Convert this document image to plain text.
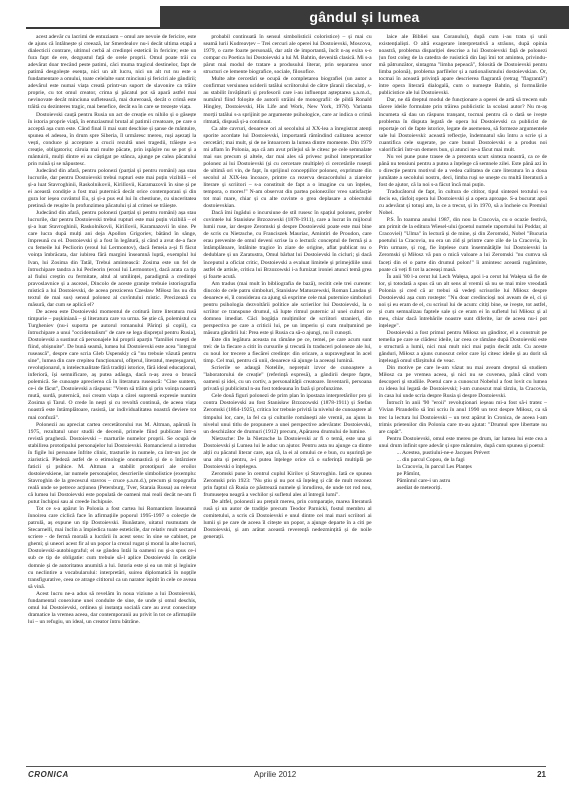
gândul și lumea

acest adevăr cu lacrimi de entuziasm – omul are nevoie de fericire, este de ajuns că întâlnește și creează, lar Smerdealov nu-i decât ultima etapă a dialecticii contrare, ultimul cerbă al credinței esteticii în fericire; este un fura fapt de ere, dezgustul față de orele proprii. Omul poate trăi cu adevărat doar trecând peste patimi, câci muma tragicul destinelor, fapt de patimă desgolește esența, nici un alt lucru, nici un alt rut nu este o fundamentare a omului, toate celelalte sunt minciuni și fericiri ale gândirii; adevărul este numai viața creată printr-un suport de slavonire ca trăire proprie, cu tot omul creator, crima și păcatul pot să apară astfel mai nevinovate decât minciuna sufletească, mai dureroasă, decât o crimă este trăită cu dezinteres tragic, mai benefice, decât ea în care se trezește viața.

Dostoievski cauță pentru Rusia un act de creație ex nihilo și o găsește în istoria proprie viață, în entuziasmul brutal al patimii creatoare, pe care o acceptă așa cum este. Când final îi mai sunt deschise și șanse de mântuire, spunea el adesea, în drum spre Siberia, îl urmăresc mereu, ruși așezați la vești, conduce și acceptare a crucii rezultă unei tragedii, trăiește a-o creație, obligatoriu; căruia mai multe păcate, prin ispășire nu se pot și a mântuirii, mulți dintre ei au câștigat pe stânca, ajunge pe calea păcatului prin ruină și se năpustesc.

Judecând din afară, pentru polonezi (parțial și pentru români) așa stau lucrurile, dar pentru Dostoievski trebui rupturi este mai puțin vizibilă – el și-a luat Stavroghinii, Raskolnikovii, Kirilîovii, Karamazovii în sine și pe ei aceastǎ condiție a fost mai puternică decât orice contemporani și din gura lor ieșea cuvântul Eu, și și-a pus eul lui în chestiune, cu sinceritatea pretinsă de reușite în profunzimea păcatului și al crimei se trăiește.

Judecând din afară, pentru polonezi (parțial și pentru români) așa stau lucrurile, dar pentru Dostoievski trebui rupturi este mai puțin vizibilă – el și-a luat Stavroghinii, Raskolnikovii, Kirilîovii, Karamazovii în sine. Pe care lucra după mulți ani deja Apollon Grigoriev, bătând în sânge, împreună cu el. Dostoievski și a fost în legătură, și când a avut de-a face cu femeile lui Pecliorin (eroul lui Lermontov), dacă femeia a-și fi făcut voința îmbrăcata, dar iubirea fără margini înseamnă luptă, exemplul lui Ivan, lui Zosima din Tatăl, Trebui amintească: Zosima este un fel de întruchipare tandra a lui Pecleorin (eroul lui Lermontov), dacă arata ca tip al fiului creștin cu fermitate, altul al umilinței, paradigmă a credinței pravoslavnice și a ascezei, Dincolo de aceste granițe trebuie istoriografia mistică a lui Dostoievski, de aceea prezicerea Czesław Miłosz îns nu din textul de mai sus) sensul polonez al cuvîntului mistic. Precizează cu măsură, dar cum se aplică el?

De aceea este Dostoievski momentul de cotitură între literatura rusă timpurie – pușkiniană – și literatura care va urma. Se știe că, polemistul cu Turgheniev (nu-i suporta pe autorul romanului Părinți și copii), ca întruchipare a unui "occidentalism" de care se lega disprețul pentru Rusia], Dostoievski a sustinut că personajele lui proprii aparțin "familiei ruseşti de fiind, obișnuite". De bună seamă, lumea lui Dostoievski este acea "integral rusească", despre care scria Gleb Uspenskiy că "nu trebuie văzută pentru sine", lumea din care crepitea funcționarul, ofițerul, literatul, meșteșugarul, revoluționarul, n intelectualitate fără tradiții istorice, fără ideal educațional, inferioră, își semnificare, aș putea adăuga, dacă n-aș avea o bruscă polemică. Se cunoaște aprecierea că în literatura rusească: "Cine suntem, ce-i de făcut", Dostoievski a răspuns: "Vrem să trăim și prin voința noastră mută, surdă, puternică, noi cream viața a cărei supremă expresie numim Zosima și Tarul. O crede în nești și cu revoltă continuă, de aceea viața noastră este întâmplătoare, rasistă, iar individualitatea noastră deviere tot mai confuză".

Polonezii au apreciat cartea cercetătorului rus M. Altman, apărută în 1975, rezultatul unor studii de decenii, primele fiind publicate într-o revistă pragheză. Dostoievski – marturile numelor proprii. Se ocupă de stabilirea prototipului personajelor lui Dostoievski. Romancierul a introdus în figile lui persoane înfrite clinic, trasturile in numele, ca într-un joc de ziaristică. Pledeză astfel de o etimologie onomastică și de o întârziere faticii și psihice. M. Altman a stabilit prototipuri ale eroilor dostoievskiene, iar numele personajelor, descrierile simbolistice (exemplu: Stavroghin de la grecescul stavros – cruce ș.a.m.d.), precum și topografia reală unde se petrece acțiunea (Petersburg, Tver, Staraia Russa) au relevat că lumea lui Dostoievski este populată de oameni mai reali decât ne-am fi putut închipui sau ai creede închipuie.

Tot ce s-a apărut în Polonia a fost cartea lui Romantism înseamnă înnoirea care ciclică face în afirmațiile poporul 1995-1997 o colecție de patrulă, aș expune un tip Dostoievski. Bunăstare, uitatul rusmutam de Stecarnelli, mai înclin a împiedica toate esteticile, dar relativ mult sectarul scriere - de fermă morală a lucrării în acest sens: în sine se cabinet, pe ghemi; și uneori acest fir al un popor la crezul rugat și moral la alte lucruri, Dostoievski-autobiograful; el se gândea întâi la oameni nu și-a spus ce-i sub ce tip de obligatie: cum trebuie să-l aplice Dostoievski în cetăţile domnie și de autoritatea anumită a lui. Istoria este și ea un mit și legiuire cu neclintire a vocabularului: interpretări, suirea diplomatică în nopțile transfigurative, ceea ce atrage cititorul ca un narator ispitit în cele ce aveau să vină.

Acest lucru ne-a adus să revelăm în noua viziune a lui Dostoievski, fundamental conexiune unei conduite de sine, de unde și omul deschis, omul lui Dostoievski, ordinea și instanța socială care au avut consecințe dramatice la vremea aceea, dar contemporanii au privit în tot ce afirmațiile lui – un refugiu, un ideal, un creator întru bătrâne.

probabil continuată în sensul simbolisticii coloristice) – și mai cu seamă lurii Kudreavțev – Trei cercuri ale operei lui Dostoievski, Moscova, 1979, o carte foarte personală, dar atât de importantă, încît n-aș exita s-o compar cu Poetica lui Dostoievski a lui M. Bahtin, devenită clasică. Mi s-a părut mai modul de tratare a produsului literar, prin separarea unor structuri ce lemente biografice, sociale, filosofice.

Multe alte cercetări se ocupă de completarea biografiei (un autor a confirmat versiunea uciderii tatălui scriitorului de către țăranii răsculați, s-au stabilit învățăturii și profesorii care i-au influențat așteptarea ș.a.m.d., numărul fiind foloșite de autorii străini de monografii: de pildă Ronald Hingley, Dostoievski, His Life and Work, New York, 1978). Varianta morții tatălui s-a sprijinit pe argumente psihologice, care ar indica o crimă ritmată, dispusă și-a continuat.

Ca alte cavruri, deoarece ori al secolului al XX-lea a înregistrat atenți sporite acordate lui Dostoievski, importantă rămîndind calitatea acestor cercetări; mai mult, și de ne întoarcem la lumea dintre momente. Din 1979 mi aflam în Polonia, așa că am avut prilejul să le citesc pe cele semnalate mai sus precum și altele, dar mai ales să privesc psihol interpretatilor polonez ai lui Dostoievski (și cu cercetare multiple) ci cercetările rusești de ultimă ori vin, de fapt, în sprijinul concepțiilor polonez, exprimate din secolul al XIX-lea încoace, printre ca rezerva dezacordului a ziarelor literare și scriitori – s-a constituit de fapt a o imagine cu un înțeles, tempora, o mores!" N-am observat din partea polonezilor vreo satisfacție tot mai mare, chiar și cu alte cuvinte o grea deplasare a obiectului dostoievskian.

Dacă îmi îngădui o incursiune de stil rusesc în spațiul polonez, prefer cuvintele lui Stanisław Brzozowski (1878-1911), care a lucrat în mijlocul lumii ruse, iar despre Zeromski și despre Dostoievski poate este mai bine de scris cu Nietzsche, cu Franciszek Mauriac, Amintiri de Proudon, care erau prevenite de omul deveni scrise la o lectură: conceptul de fermă și a întâmplătoare, întâlnite tragice în ziare de origine, aflat publicat nu o dedublare și un Zaratustra, Omul bărbat lui Dostoievski în cicluri; și dacă începutul a oficiat critic, Dostoievski a evaluat limitele și primejdiile unui astfel de artisle, critica lui Brzozowski i-a furnizat ironiei atunci temă grea și foarte acută.

Am tradus (mai mult în bibliografia de bază), recitit cele trei curente: dincolo de cele patru simboluri, Stanisław Matuszewski, Roman Landau și deoarece ei, îl considerau ca ajung să exprime cele mai puternice simboluri pentru psihologia dezvoltării politice ale scrierilor lui Dostoievski, la o scriitor ce transpune drumul, să lupte ritmul puternic al unei culturi ce domnea imediat. Căci bogăția mulțimilor de scriitori stranieri, din perspectiva pe care a criticii lui, pe un imperiu și cum mulțumind pe măsura gândirii lui: Prea este și Rusia ca să-o ajungi, nu îl cunoști.

Este din legătura aceasta nu rămâne pe ce, temei, pe care acum sunt trei: de la fiecare a citit în cursurile și trecută în traduceri poloneze ale lui, cu noul lor trecere a fiecărei credințe: din oricare, a supravegheat în acel timp. Cel mai, pentru că unii, deoarece să ajunge la aceeași lumină.

Scrierile se adaugă Notelile, neprețuit izvor de cunoaștere a "laboratorului de creație" (referință expresă), a gândirii despre fapte, oameni și idei, cu un cortiv, a personalității creatoare. Inventarii, persoana privată și publicistul n-au fost totdeauna în fază și profunzime.

Cele două figuri polonezi de prim plan în ipostaza interpretărilor pro și contra Dostoievski au fost Stanisław Brzozowski (1878-1911) și Stefan Zeromski (1864-1925), critica lor trebuie privită la nivelul de cunoaștere al timpului lor, care, la fel ca și culturile românești ale vremii, au ajuns la nivelul unui titlu de propunere a unei perspective adevărate: Dostoievski, un deschizător de drumuri (1912) precum, Apărarea drumului de lumine.

Nietzsche: De la Nietzsche la Dostoievski ar fi o temă, este una și Dostoievski și Lumea lui le aduc un ajutor. Pentru asta nu ajunge ca dintre alții cu păcatul literar care, așa că, la ei al omului ce e bun, cu ușurință pe una alta și pentru, a-i putea înțelege orice că o suferință multiplă pe Dostoievski o înțelegea.

Zeromski pune în centrul cuplul Kirilov și Stavroghin. Iată ce spunea Zeromski prin 1923: "Nu știu și nu pot să înțeleg și cât de mult rezonez prin faptul că Rusia ce păstrează numele și înrudirea, de unde tot rod nou, frumusețea neagră a vechilor și sufletul ales al întregii lumi".

De altfel, polonezii au prețuit mereu, prin comparație, marea literatură rusă și un autor de tradiție precum Teodor Parnicki, fostul membru al comitetului, a scris că Dostoievski e unul dintre cei mai mari scriitori ai lumii și pe care de aceea îl citește un popor, a ajunge departe în a citi pe Dostoievski, și am arătat această reverență nedezmințită și de noile generații.

laice ale Bibliei sau Coranului), dupǎ cum i-au trata și unii existențialiști. O altă exagerare interpretativă a străuns, după opinia noastră, problema dispariției descrise a lui Dostoievski față de polonezi (un fost coleg de la catedra de rusistică din Iași îmi tot amintea, privindu-mă pătrunzător, sintagma "limba pepeacă", folosită de Dostoievski pentru limba polonă), problema parfilelor și a nationalismului dostoievskian. Or, tocmai în această privință apare descrierea flagrantă (retrag "flagrantă") între opera literară dialogală, cum o numește Bahtin, și formulările publicistice ale lui Dostoievski.

Dar, ne dă dreptul modul de funcționare a operei de artă să trecem sub tăcere ideile formulate prin trăirea publicistic la scolasi autor? Nu m-aș încumeta să dau un răspuns tranșant, tocmai pentru că o dată se ivește problema în disputa legată de opera lui Dostoievski ca publicist de reportaje ori de fapte istorice, legate de asemenea, să formeze argumentele sale lui Dostoievski: această reflecție, îndemnatul său întru a scrie și a cuantifica cele sugerate, pe care bunul Dostoievski o a produs noi valorificări într-un demers bun, și atunci ne-a făcut mai mult.

Nu vei pune pune trasee de a prezenta scurt sinteza noastră, ca ce de până nu tensiuni pentru a putea a înțelege că semnele zilei. Este până azi în o direcție pentru motivul de a vedea calitatea de care literatura în a doua jumătate a secolului nostru, deci, limba ruși se unește cu multă literatură a fost de ajutor, că la noi s-a făcut încă mai puțin.

Traducătorul de fapt, în cultura de cititor, tipul sintezei textului s-a decis ea, răsfoiț opera lui Dostoievski și a opera aproape. S-a bucurat apoi cu adevărat și totuși am, la ce a trecut, și în 1970, să a încheie cu Premiul Nobel.

P.S. În toamna anului 1987, din nou la Cracovia, cu o ocazie festivă, am primit de la editura Wiesel-ului (poetul numele raportului lui Poddar, al Cracoviei) "Ulma" în lectură și de mine, și din Zeromski, Nobel "Bucuria poetului la Cracovia, nu era un zid și printre care zile de la Cracovia, în Prin urmare, și rog, fie înțelese cum însemnătăţile lui Dostoievski la Zeromski și Miłosz vă pun o mică valoare a lui Zeromski "nu cumva să faceți din el o parte din drumul polon!" îi amintesc această rugăminte, poate că veți fi tot la aceeași masă.

În anii '80 l-a cerut lui Lech Wałęsa, apoi i-a cerut lui Wałęsa să fie de lor, și totodată a spus că un alt sens al vremii să nu se mai mire vreodată Polonia și cred că ar trebui să vedeți scrisorile lui Miłosz despre Dostoievski așa cum rosteşte: "Nu doar credincioși noi aveam de el, ci și noi și eu eram de el, cu scrisul lui de acum: citiți bine, se ivește, tot astfel, și cum semnalizau faptele sale și ce eram ei în sufletul lui Miłosz și al meu, chiar dacă întrebările noastre sunt diferite, iar de aceea nu-i pot înțelege".

Dostoievski a fost primul pentru Miłosz un gânditor, el a construit pe temelia pe care se clădesc ideile, iar ceea ce rămâne după Dostoievski este o structură a lumii, nici mai mult nici mai puțin decât atât. Cu aceste gânduri, Miłosz a ajuns cunoscut celor care își citesc ideile și au dorit să înțeleagă omul sfârșitului de veac.

Din motive pe care le-am văzut nu mai aveam dreptul să studiem Miłosz ca pe vremea aceea, și nici nu se cuvenea, până când vom descoperi și studiile. Poetul care a cunoscut Nobelul a fost lovit cu lumea cu ideea lui legată de Dostoievski; l-am cunoscut mai târziu, la Cracovia, în casa lui unde scria despre Rusia și despre Dostoievski.

Întrucît în anii '90 "eroii" revoluționari ieșeau mi-a fost să-i tratez – Vivian Pirandello să îmi scriu în anul 1990 un text despre Miłosz, ca să trec la lectura lui Dostoievski – un text apărut în Cronica, de aceea l-am trimis prietenilor din Polonia care m-au ajutat: "Drumul spre libertate nu are capăt".

Pentru Dostoievski, omul este mereu pe drum, iar lumea lui este cea a unui drum infinit spre adevăr și spre mântuire, după cum spunea și poetul:

... Acestea, pustiului-ne-e Jacques Prévert

... din parcul Copou, de la fagi

la Cracovia, în parcul Les Planțes

pe Pămînt,

Pămîntul care-i un astru

asediat de meteoriți.

CRONICA	Aprilie 2012	21
